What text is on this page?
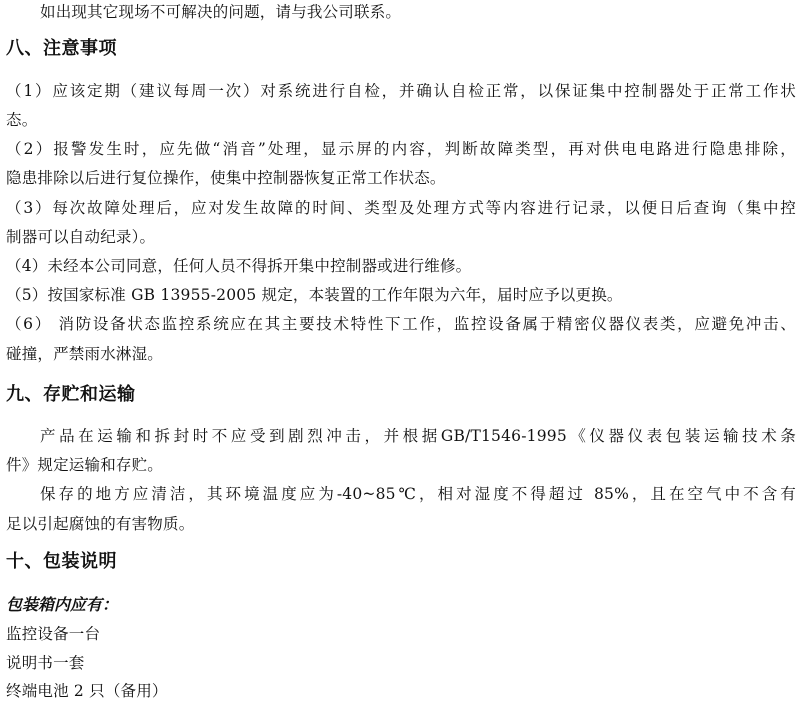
如出现其它现场不可解决的问题，请与我公司联系。
八、注意事项
（1）应该定期（建议每周一次）对系统进行自检，并确认自检正常，以保证集中控制器处于正常工作状
态。
（2）报警发生时，应先做“消音”处理，显示屏的内容，判断故障类型，再对供电电路进行隐患排除，
隐患排除以后进行复位操作，使集中控制器恢复正常工作状态。
（3）每次故障处理后，应对发生故障的时间、类型及处理方式等内容进行记录，以便日后查询（集中控
制器可以自动纪录）。
（4）未经本公司同意，任何人员不得拆开集中控制器或进行维修。
（5）按国家标准 GB 13955-2005 规定，本装置的工作年限为六年，届时应予以更换。
（6） 消防设备状态监控系统应在其主要技术特性下工作，监控设备属于精密仪器仪表类，应避免冲击、
碰撞，严禁雨水淋湿。
九、存贮和运输
产品在运输和拆封时不应受到剧烈冲击，并根据GB/T1546-1995《仪器仪表包装运输技术条
件》规定运输和存贮。
保存的地方应清洁，其环境温度应为-40~85℃，相对湿度不得超过 85%，且在空气中不含有
足以引起腐蚀的有害物质。
十、包装说明
包装箱内应有：
监控设备一台
说明书一套
终端电池 2 只（备用）
